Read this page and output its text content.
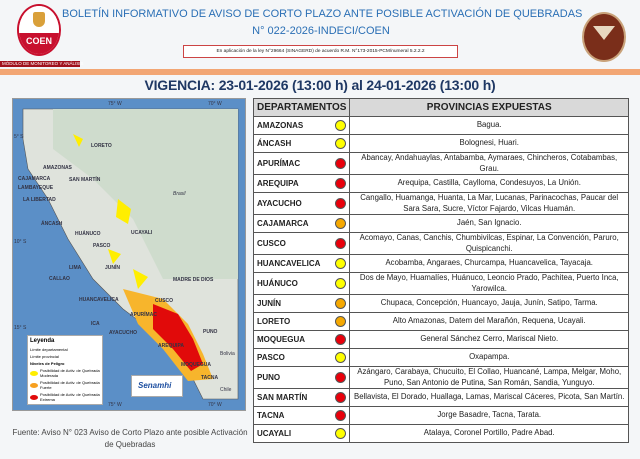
COEN
MÓDULO DE MONITOREO Y ANÁLISIS
BOLETÍN INFORMATIVO DE AVISO DE CORTO PLAZO ANTE POSIBLE ACTIVACIÓN DE QUEBRADAS
N° 022-2026-INDECI/COEN
En aplicación de la ley N°29664 (SINAGERD) de acuerdo R.M. N°173-2015-PCM/numeral 5.2.2.2
VIGENCIA: 23-01-2026 (13:00 h) al 24-01-2026 (13:00 h)
LORETO
AMAZONAS
CAJAMARCA
LAMBAYEQUE
SAN MARTÍN
LA LIBERTAD
ÁNCASH
HUÁNUCO
PASCO
UCAYALI
LIMA
CALLAO
JUNÍN
HUANCAVELICA	CUSCO
MADRE DE DIOS
ICA
AYACUCHO
APURÍMAC
PUNO
AREQUIPA
MOQUEGUA
TACNA
Brasil
Bolivia
Chile
75° W	70° W
75° W	70° W
5° S
10° S
15° S
Leyenda
Límite departamental
Límite provincial
Niveles de Peligro
Posibilidad de Activ. de Quebrada Moderada
Posibilidad de Activ. de Quebrada Fuerte
Posibilidad de Activ. de Quebrada Extrema
Senamhi
Fuente: Aviso N° 023 Aviso de Corto Plazo ante posible Activación de Quebradas
DEPARTAMENTOS	PROVINCIAS EXPUESTAS

AMAZONAS	Bagua.

ÁNCASH	Bolognesi, Huari.

APURÍMAC	Abancay, Andahuaylas, Antabamba, Aymaraes, Chincheros, Cotabambas, Grau.

AREQUIPA	Arequipa, Castilla, Caylloma, Condesuyos, La Unión.

AYACUCHO	Cangallo, Huamanga, Huanta, La Mar, Lucanas, Parinacochas, Paucar del Sara Sara, Sucre, Víctor Fajardo, Vilcas Huamán.

CAJAMARCA	Jaén, San Ignacio.

CUSCO	Acomayo, Canas, Canchis, Chumbivilcas, Espinar, La Convención, Paruro, Quispicanchi.

HUANCAVELICA	Acobamba, Angaraes, Churcampa, Huancavelica, Tayacaja.

HUÁNUCO	Dos de Mayo, Huamalíes, Huánuco, Leoncio Prado, Pachitea, Puerto Inca, Yarowilca.

JUNÍN	Chupaca, Concepción, Huancayo, Jauja, Junín, Satipo, Tarma.

LORETO	Alto Amazonas, Datem del Marañón, Requena, Ucayali.

MOQUEGUA	General Sánchez Cerro, Mariscal Nieto.

PASCO	Oxapampa.

PUNO	Azángaro, Carabaya, Chucuito, El Collao, Huancané, Lampa, Melgar, Moho, Puno, San Antonio de Putina, San Román, Sandia, Yunguyo.

SAN MARTÍN	Bellavista, El Dorado, Huallaga, Lamas, Mariscal Cáceres, Picota, San Martín.

TACNA	Jorge Basadre, Tacna, Tarata.

UCAYALI	Atalaya, Coronel Portillo, Padre Abad.
